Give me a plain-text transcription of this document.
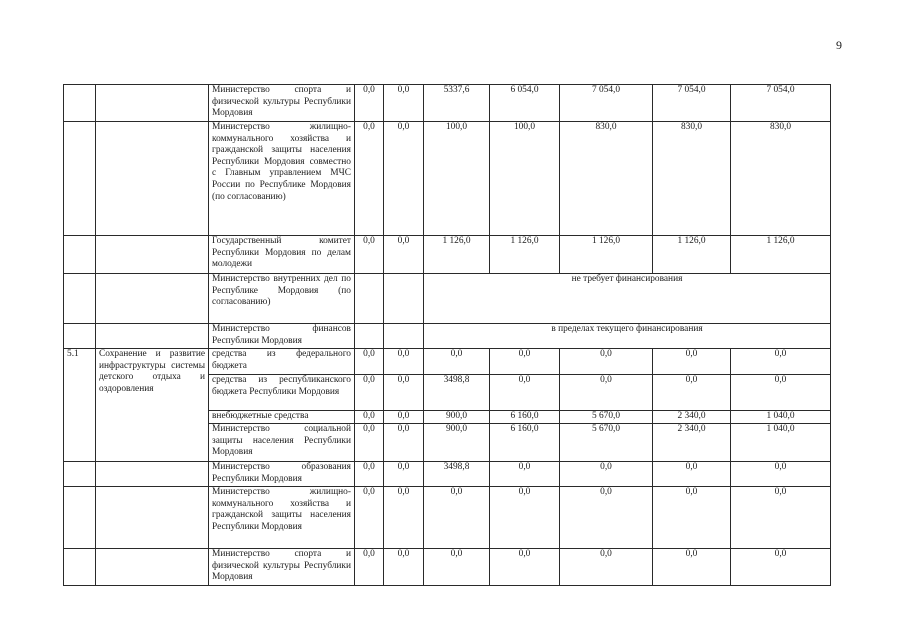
9
		Министерство спорта и физической культуры Республики Мордовия	0,0	0,0	5337,6	6 054,0	7 054,0	7 054,0	7 054,0
		Министерство жилищно-коммунального хозяйства и гражданской защиты населения Республики Мордовия совместно с Главным управлением МЧС России по Республике Мордовия (по согласованию)	0,0	0,0	100,0	100,0	830,0	830,0	830,0
		Государственный комитет Республики Мордовия по делам молодежи	0,0	0,0	1 126,0	1 126,0	1 126,0	1 126,0	1 126,0
		Министерство внутренних дел по Республике Мордовия (по согласованию)			не требует финансирования				
		Министерство финансов Республики Мордовия			в пределах текущего финансирования				
5.1	Сохранение и развитие инфраструктуры системы детского отдыха и оздоровления	средства из федерального бюджета	0,0	0,0	0,0	0,0	0,0	0,0	0,0
		средства из республиканского бюджета Республики Мордовия	0,0	0,0	3498,8	0,0	0,0	0,0	0,0
		внебюджетные средства	0,0	0,0	900,0	6 160,0	5 670,0	2 340,0	1 040,0
		Министерство социальной защиты населения Республики Мордовия	0,0	0,0	900,0	6 160,0	5 670,0	2 340,0	1 040,0
		Министерство образования Республики Мордовия	0,0	0,0	3498,8	0,0	0,0	0,0	0,0
		Министерство жилищно-коммунального хозяйства и гражданской защиты населения Республики Мордовия	0,0	0,0	0,0	0,0	0,0	0,0	0,0
		Министерство спорта и физической культуры Республики Мордовия	0,0	0,0	0,0	0,0	0,0	0,0	0,0
